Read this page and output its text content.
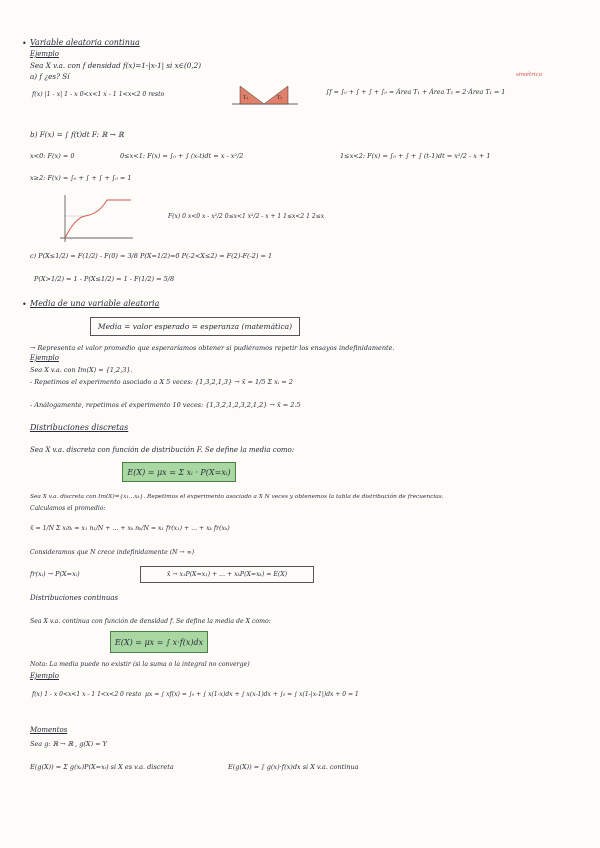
• Variable aleatoria continua
Ejemplo
Sea X v.a. con f densidad f(x)=1-|x-1| si x∈(0,2)
a) f ¿es? Sí
f(x) |1 - x| 1 - x 0<x<1 x - 1 1<x<2 0 resto	T₁	T₂
∫f = ∫₀ + ∫ + ∫ + ∫₀ = Área T₁ + Área T₂ = 2·Área T₁ = 1
simétrico
b) F(x) = ∫ f(t)dt F: ℝ → ℝ
x<0: F(x) = 0	0≤x<1: F(x) = ∫₀ + ∫ (x-t)dt = x - x²/2	1≤x<2: F(x) = ∫₀ + ∫ + ∫ (t-1)dt = x²/2 - x + 1
x≥2: F(x) = ∫₀ + ∫ + ∫ + ∫₀ = 1
F(x) 0 x<0 x - x²/2 0≤x<1 x²/2 - x + 1 1≤x<2 1 2≤x
c) P(X≤1/2) = F(1/2) - F(0) = 3/8 P(X=1/2)=0 P(-2<X≤2) = F(2)-F(-2) = 1
P(X>1/2) = 1 - P(X≤1/2) = 1 - F(1/2) = 5/8
• Media de una variable aleatoria
Media = valor esperado = esperanza (matemática)
→ Representa el valor promedio que esperaríamos obtener si pudiéramos repetir los ensayos indefinidamente.
Ejemplo
Sea X v.a. con Im(X) = {1,2,3}.
- Repetimos el experimento asociado a X 5 veces: {1,3,2,1,3} → x̄ = 1/5 Σ xᵢ = 2
- Análogamente, repetimos el experimento 10 veces: {1,3,2,1,2,3,2,1,2} → x̄ = 2.5
Distribuciones discretas
Sea X v.a. discreta con función de distribución F. Se define la media como:
E(X) = μx = Σ xᵢ · P(X=xᵢ)
Sea X v.a. discreta con Im(X)={x₁...xₖ}. Repetimos el experimento asociado a X N veces y obtenemos la tabla de distribución de frecuencias.
Calculamos el promedio:
x̄ = 1/N Σ xᵢnᵢ = x₁ n₁/N + ... + xₖ nₖ/N = x₁ fr(x₁) + ... + xₖ fr(xₖ)
Consideramos que N crece indefinidamente (N → ∞)
fr(xᵢ) → P(X=xᵢ)	x̄ → x₁P(X=x₁) + ... + xₖP(X=xₖ) = E(X)
Distribuciones continuas
Sea X v.a. continua con función de densidad f. Se define la media de X como:
E(X) = μx = ∫ x·f(x)dx
Nota: La media puede no existir (si la suma o la integral no converge)
Ejemplo
f(x) 1 - x 0<x<1 x - 1 1<x<2 0 resto μx = ∫ xf(x) = ∫₀ + ∫ x(1-x)dx + ∫ x(x-1)dx + ∫₀ = ∫ x(1-|x-1|)dx + 0 = 1
Momentos
Sea g: ℝ → ℝ , g(X) = Y
E(g(X)) = Σ g(xᵢ)P(X=xᵢ) si X es v.a. discreta	E(g(X)) = ∫ g(x)·f(x)dx si X v.a. continua
